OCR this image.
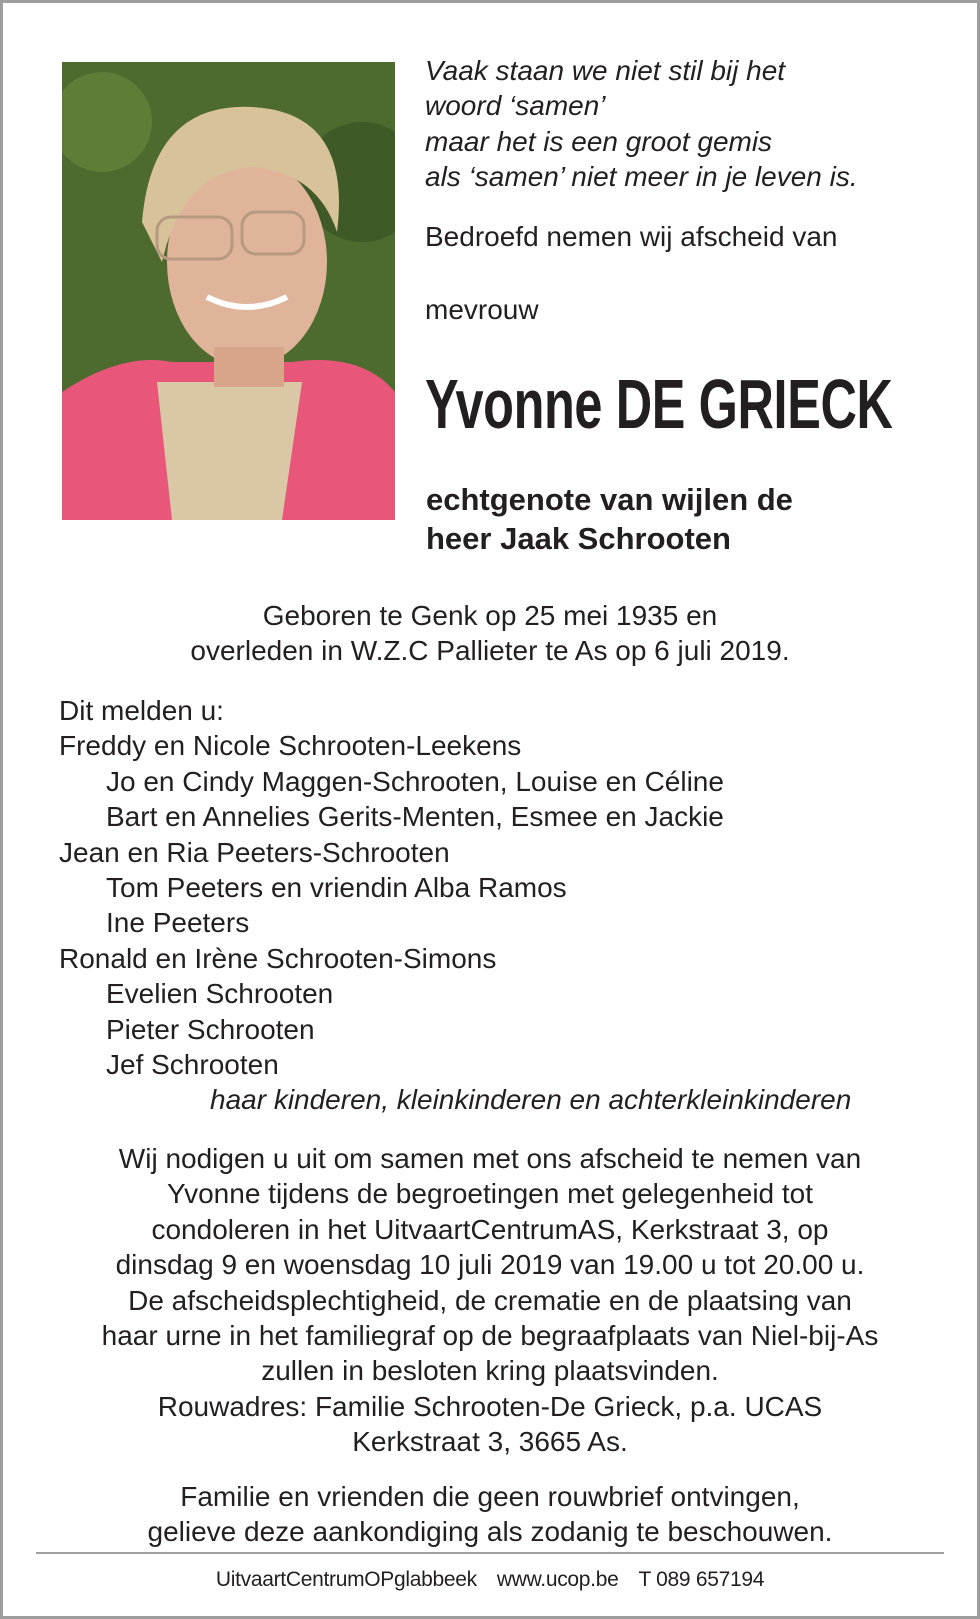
Vaak staan we niet stil bij het
woord ‘samen’
maar het is een groot gemis
als ‘samen’ niet meer in je leven is.
Bedroefd nemen wij afscheid van
mevrouw
Yvonne DE GRIECK
echtgenote van wijlen de
heer Jaak Schrooten
Geboren te Genk op 25 mei 1935 en
overleden in W.Z.C Pallieter te As op 6 juli 2019.
Dit melden u:
Freddy en Nicole Schrooten-Leekens
Jo en Cindy Maggen-Schrooten, Louise en Céline
Bart en Annelies Gerits-Menten, Esmee en Jackie
Jean en Ria Peeters-Schrooten
Tom Peeters en vriendin Alba Ramos
Ine Peeters
Ronald en Irène Schrooten-Simons
Evelien Schrooten
Pieter Schrooten
Jef Schrooten
haar kinderen, kleinkinderen en achterkleinkinderen
Wij nodigen u uit om samen met ons afscheid te nemen van
Yvonne tijdens de begroetingen met gelegenheid tot
condoleren in het UitvaartCentrumAS, Kerkstraat 3, op
dinsdag 9 en woensdag 10 juli 2019 van 19.00 u tot 20.00 u.
De afscheidsplechtigheid, de crematie en de plaatsing van
haar urne in het familiegraf op de begraafplaats van Niel-bij-As
zullen in besloten kring plaatsvinden.
Rouwadres: Familie Schrooten-De Grieck, p.a. UCAS
Kerkstraat 3, 3665 As.
Familie en vrienden die geen rouwbrief ontvingen,
gelieve deze aankondiging als zodanig te beschouwen.
UitvaartCentrumOPglabbeek www.ucop.be T 089 657194
